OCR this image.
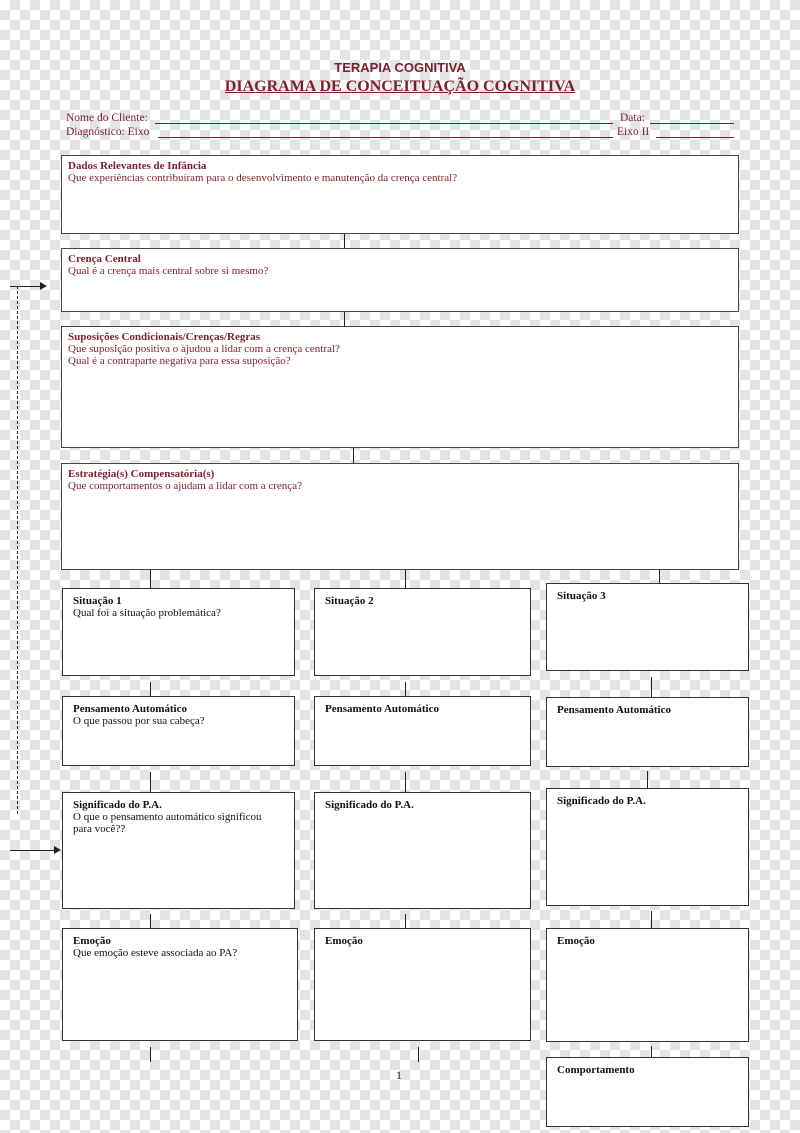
TERAPIA COGNITIVA
DIAGRAMA DE CONCEITUAÇÃO COGNITIVA
Nome do Cliente:	Data:
Diagnóstico: Eixo	Eixo II
Dados Relevantes de Infância
Que experiências contribuíram para o desenvolvimento e manutenção da crença central?
Crença Central
Qual é a crença mais central sobre si mesmo?
Suposições Condicionais/Crenças/Regras
Que suposição positiva o ajudou a lidar com a crença central?
Qual é a contraparte negativa para essa suposição?
Estratégia(s) Compensatória(s)
Que comportamentos o ajudam a lidar com a crença?
Situação 1
Qual foi a situação problemática?
Pensamento Automático
O que passou por sua cabeça?
Significado do P.A.
O que o pensamento automático significou
para você??
Emoção
Que emoção esteve associada ao PA?
Situação 2
Pensamento Automático
Significado do P.A.
Emoção
Situação 3
Pensamento Automático
Significado do P.A.
Emoção
Comportamento
1
